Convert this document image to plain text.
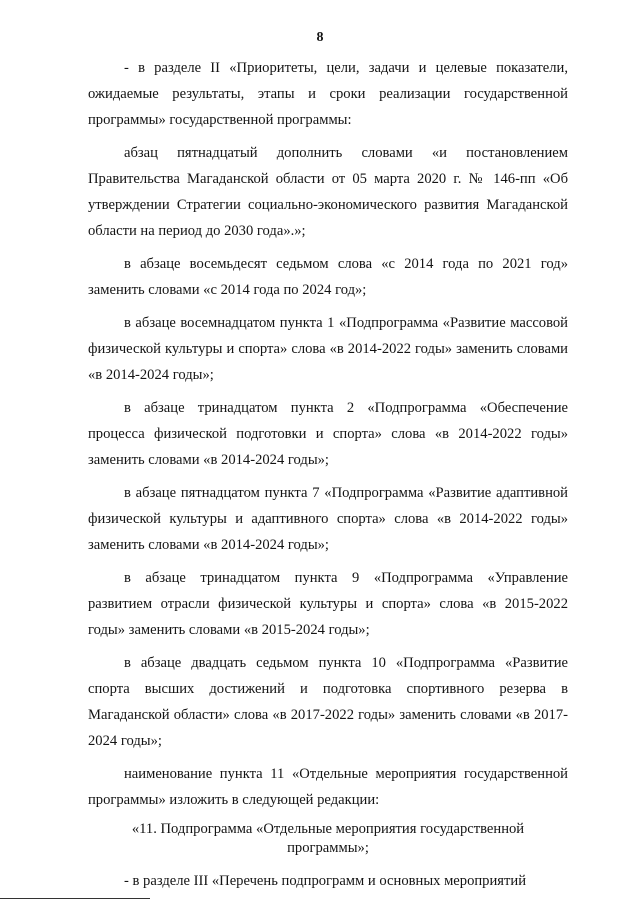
8

- в разделе II «Приоритеты, цели, задачи и целевые показатели, ожидаемые результаты, этапы и сроки реализации государственной программы» государственной программы:

абзац пятнадцатый дополнить словами «и постановлением Правительства Магаданской области от 05 марта 2020 г. № 146-пп «Об утверждении Стратегии социально-экономического развития Магаданской области на период до 2030 года».»;

в абзаце восемьдесят седьмом слова «с 2014 года по 2021 год» заменить словами «с 2014 года по 2024 год»;

в абзаце восемнадцатом пункта 1 «Подпрограмма «Развитие массовой физической культуры и спорта» слова «в 2014-2022 годы» заменить словами «в 2014-2024 годы»;

в абзаце тринадцатом пункта 2 «Подпрограмма «Обеспечение процесса физической подготовки и спорта» слова «в 2014-2022 годы» заменить словами «в 2014-2024 годы»;

в абзаце пятнадцатом пункта 7 «Подпрограмма «Развитие адаптивной физической культуры и адаптивного спорта» слова «в 2014-2022 годы» заменить словами «в 2014-2024 годы»;

в абзаце тринадцатом пункта 9 «Подпрограмма «Управление развитием отрасли физической культуры и спорта» слова «в 2015-2022 годы» заменить словами «в 2015-2024 годы»;

в абзаце двадцать седьмом пункта 10 «Подпрограмма «Развитие спорта высших достижений и подготовка спортивного резерва в Магаданской области» слова «в 2017-2022 годы» заменить словами «в 2017-2024 годы»;

наименование пункта 11 «Отдельные мероприятия государственной программы» изложить в следующей редакции:

«11. Подпрограмма «Отдельные мероприятия государственной программы»;

- в разделе III «Перечень подпрограмм и основных мероприятий
